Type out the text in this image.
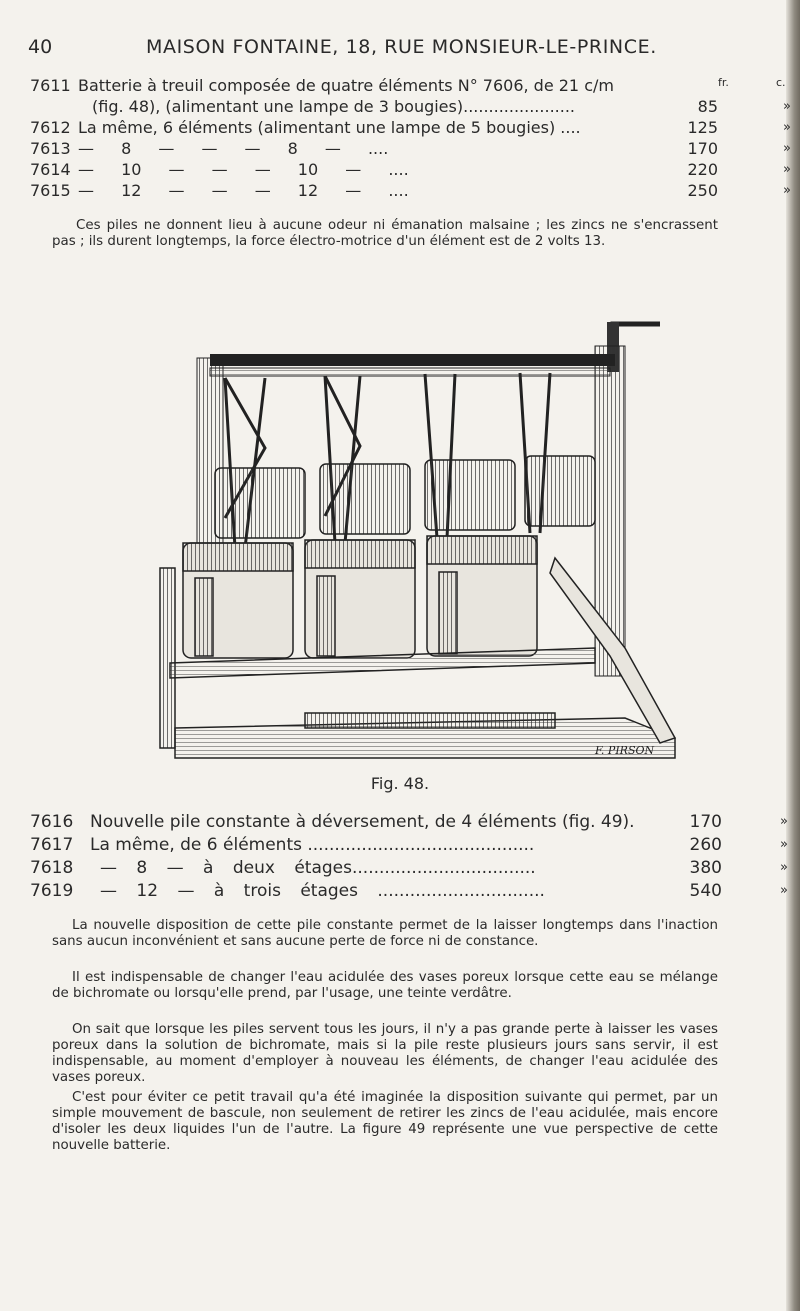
40	MAISON FONTAINE, 18, RUE MONSIEUR-LE-PRINCE.
fr.	c.
7611 Batterie à treuil composée de quatre éléments N° 7606, de 21 c/m
(fig. 48), (alimentant une lampe de 3 bougies)......................	85	»
7612 La même, 6 éléments (alimentant une lampe de 5 bougies) ....	125	»
7613 — 8 — — — 8 — ....	170	»
7614 — 10 — — — 10 — ....	220	»
7615 — 12 — — — 12 — ....	250	»

Ces piles ne donnent lieu à aucune odeur ni émanation malsaine ; les zincs ne s'encrassent pas ; ils durent longtemps, la force électro-motrice d'un élément est de 2 volts 13.

F. PIRSON
Fig. 48.
7616 Nouvelle pile constante à déversement, de 4 éléments (fig. 49).	170	»
7617 La même, de 6 éléments ..........................................	260	»
7618 — 8 — à deux étages..................................	380	»
7619 — 12 — à trois étages ...............................	540	»

La nouvelle disposition de cette pile constante permet de la laisser longtemps dans l'inaction sans aucun inconvénient et sans aucune perte de force ni de constance.

Il est indispensable de changer l'eau acidulée des vases poreux lorsque cette eau se mélange de bichromate ou lorsqu'elle prend, par l'usage, une teinte verdâtre.

On sait que lorsque les piles servent tous les jours, il n'y a pas grande perte à laisser les vases poreux dans la solution de bichromate, mais si la pile reste plusieurs jours sans servir, il est indispensable, au moment d'employer à nouveau les éléments, de changer l'eau acidulée des vases poreux.

C'est pour éviter ce petit travail qu'a été imaginée la disposition suivante qui permet, par un simple mouvement de bascule, non seulement de retirer les zincs de l'eau acidulée, mais encore d'isoler les deux liquides l'un de l'autre. La figure 49 représente une vue perspective de cette nouvelle batterie.
